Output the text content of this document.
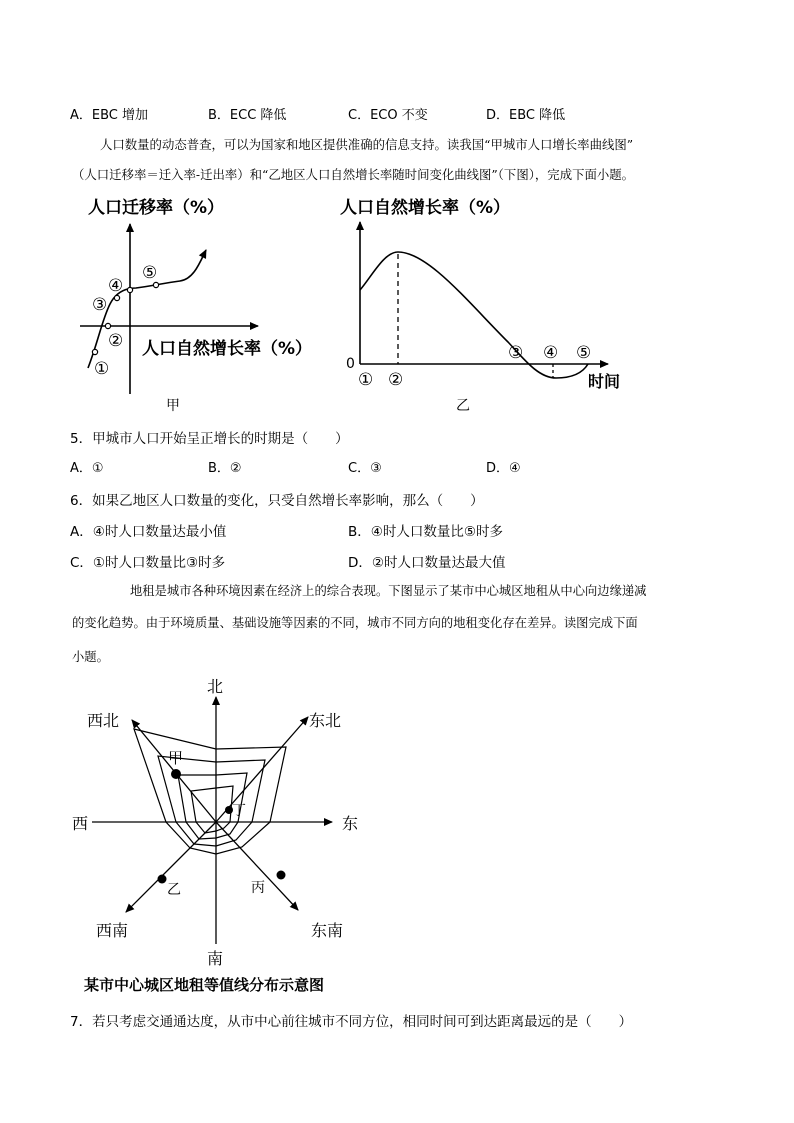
A．EBC 增加	B．ECC 降低	C．ECO 不变	D．EBC 降低
人口数量的动态普查，可以为国家和地区提供准确的信息支持。读我国“甲城市人口增长率曲线图”
（人口迁移率＝迁入率-迁出率）和“乙地区人口自然增长率随时间变化曲线图”（下图），完成下面小题。
人口迁移率（%）
人口自然增长率（%）
①
②
③
④
⑤
甲
人口自然增长率（%）
0
① ②
③ ④ ⑤
时间
乙
5．甲城市人口开始呈正增长的时期是（　　）
A．①	B．②	C．③	D．④
6．如果乙地区人口数量的变化，只受自然增长率影响，那么（　　）
A．④时人口数量达最小值	B．④时人口数量比⑤时多
C．①时人口数量比③时多	D．②时人口数量达最大值
地租是城市各种环境因素在经济上的综合表现。下图显示了某市中心城区地租从中心向边缘递减
的变化趋势。由于环境质量、基础设施等因素的不同，城市不同方向的地租变化存在差异。读图完成下面
小题。
甲
丁
乙	丙
北
东北
东
东南
南
西南
西
西北
某市中心城区地租等值线分布示意图
7．若只考虑交通通达度，从市中心前往城市不同方位，相同时间可到达距离最远的是（　　）
